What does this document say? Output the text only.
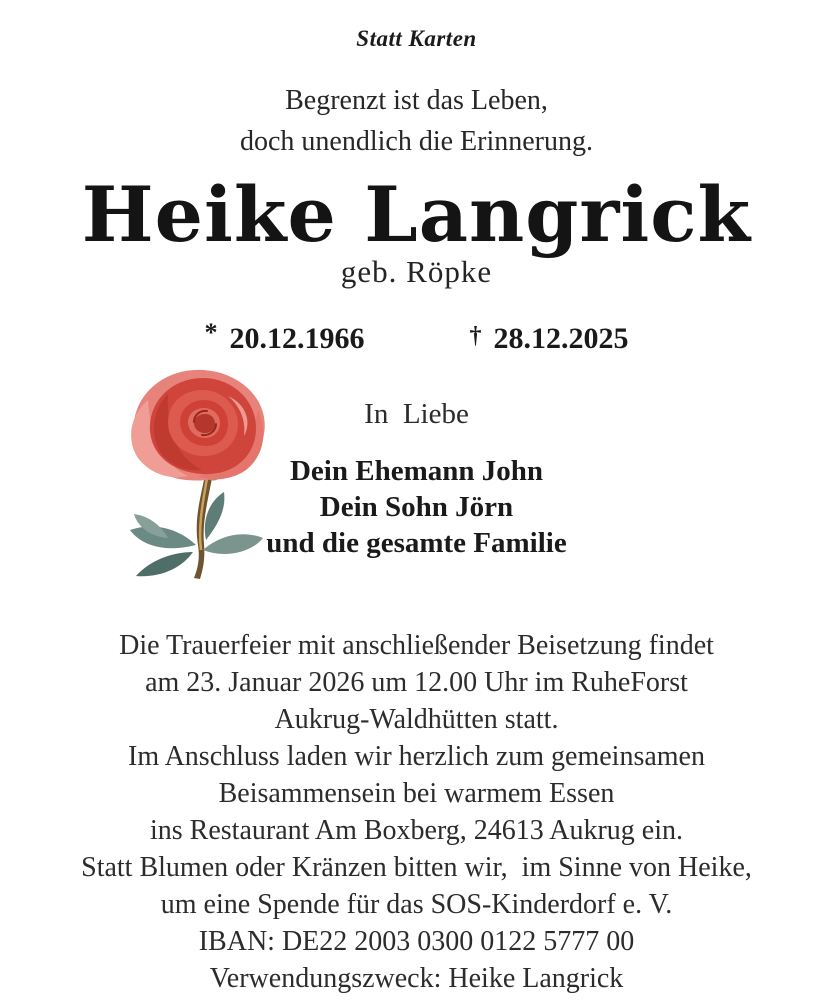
Statt Karten
Begrenzt ist das Leben,
doch unendlich die Erinnerung.
Heike Langrick
geb. Röpke
* 20.12.1966	† 28.12.2025
In  Liebe
Dein Ehemann John
Dein Sohn Jörn
und die gesamte Familie
Die Trauerfeier mit anschließender Beisetzung findet
am 23. Januar 2026 um 12.00 Uhr im RuheForst
Aukrug-Waldhütten statt.
Im Anschluss laden wir herzlich zum gemeinsamen
Beisammensein bei warmem Essen
ins Restaurant Am Boxberg, 24613 Aukrug ein.
Statt Blumen oder Kränzen bitten wir,  im Sinne von Heike,
um eine Spende für das SOS-Kinderdorf e. V.
IBAN: DE22 2003 0300 0122 5777 00
Verwendungszweck: Heike Langrick
